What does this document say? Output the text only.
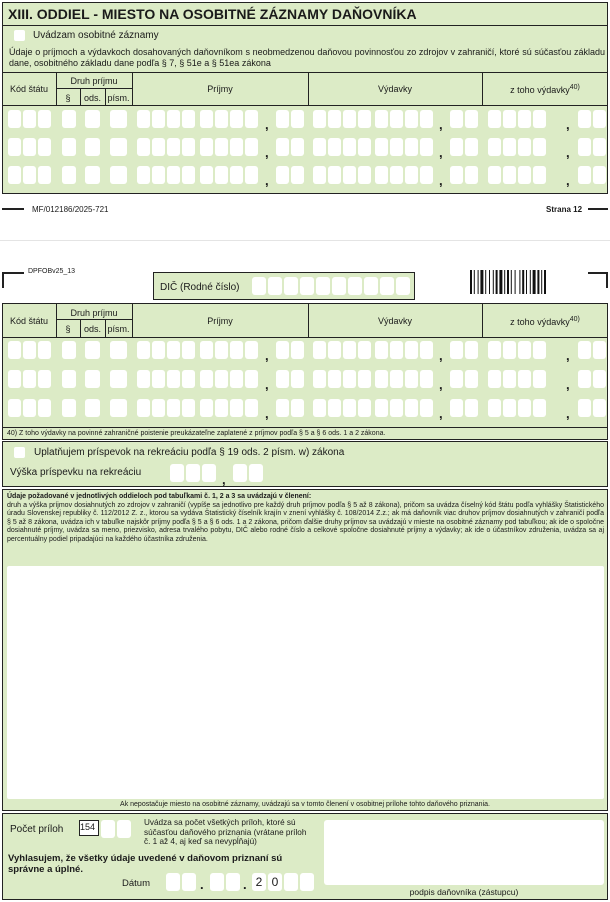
XIII. ODDIEL - MIESTO NA OSOBITNÉ ZÁZNAMY DAŇOVNÍKA
Uvádzam osobitné záznamy
Údaje o príjmoch a výdavkoch dosahovaných daňovníkom s neobmedzenou daňovou povinnosťou zo zdrojov v zahraničí, ktoré sú súčasťou základu dane, osobitného základu dane podľa § 7, § 51e a § 51ea zákona
Kód štátu
Druh príjmu
§	ods. písm.
Príjmy	Výdavky	z toho výdavky$^{40)}$
,	,	,
,	,	,
,	,	,
MF/012186/2025-721	Strana 12
DPFOBv25_13
DIČ (Rodné číslo)
Kód štátu
Druh príjmu
§	ods. písm.
Príjmy	Výdavky	z toho výdavky$^{40)}$
,	,	,
,	,	,
,	,	,
40) Z toho výdavky na povinné zahraničné poistenie preukázateľne zaplatené z príjmov podľa § 5 a § 6 ods. 1 a 2 zákona.
Uplatňujem príspevok na rekreáciu podľa § 19 ods. 2 písm. w) zákona
Výška príspevku na rekreáciu	,
Údaje požadované v jednotlivých oddieloch pod tabuľkami č. 1, 2 a 3 sa uvádzajú v členení:
druh a výška príjmov dosiahnutých zo zdrojov v zahraničí (vypíše sa jednotlivo pre každý druh príjmov podľa § 5 až 8 zákona), pričom sa uvádza číselný kód štátu podľa vyhlášky Štatistického úradu Slovenskej republiky č. 112/2012 Z. z., ktorou sa vydáva Štatistický číselník krajín v znení vyhlášky č. 108/2014 Z.z.; ak má daňovník viac druhov príjmov dosiahnutých v zahraničí podľa § 5 až 8 zákona, uvádza ich v tabuľke najskôr príjmy podľa § 5 a § 6 ods. 1 a 2 zákona, pričom ďalšie druhy príjmov sa uvádzajú v mieste na osobitné záznamy pod tabuľkou; ak ide o spoločne dosiahnuté príjmy, uvádza sa meno, priezvisko, adresa trvalého pobytu, DIČ alebo rodné číslo a celkové spoločne dosiahnuté príjmy a výdavky; ak ide o účastníkov združenia, uvádza sa aj percentuálny podiel pripadajúci na každého účastníka združenia.
Ak nepostačuje miesto na osobitné záznamy, uvádzajú sa v tomto členení v osobitnej prílohe tohto daňového priznania.
Počet príloh 154	Uvádza sa počet všetkých príloh, ktoré sú súčasťou daňového priznania (vrátane príloh č. 1 až 4, aj keď sa nevypĺňajú)
Vyhlasujem, že všetky údaje uvedené v daňovom priznaní sú správne a úplné.
Dátum	.	. 2 0
podpis daňovníka (zástupcu)
